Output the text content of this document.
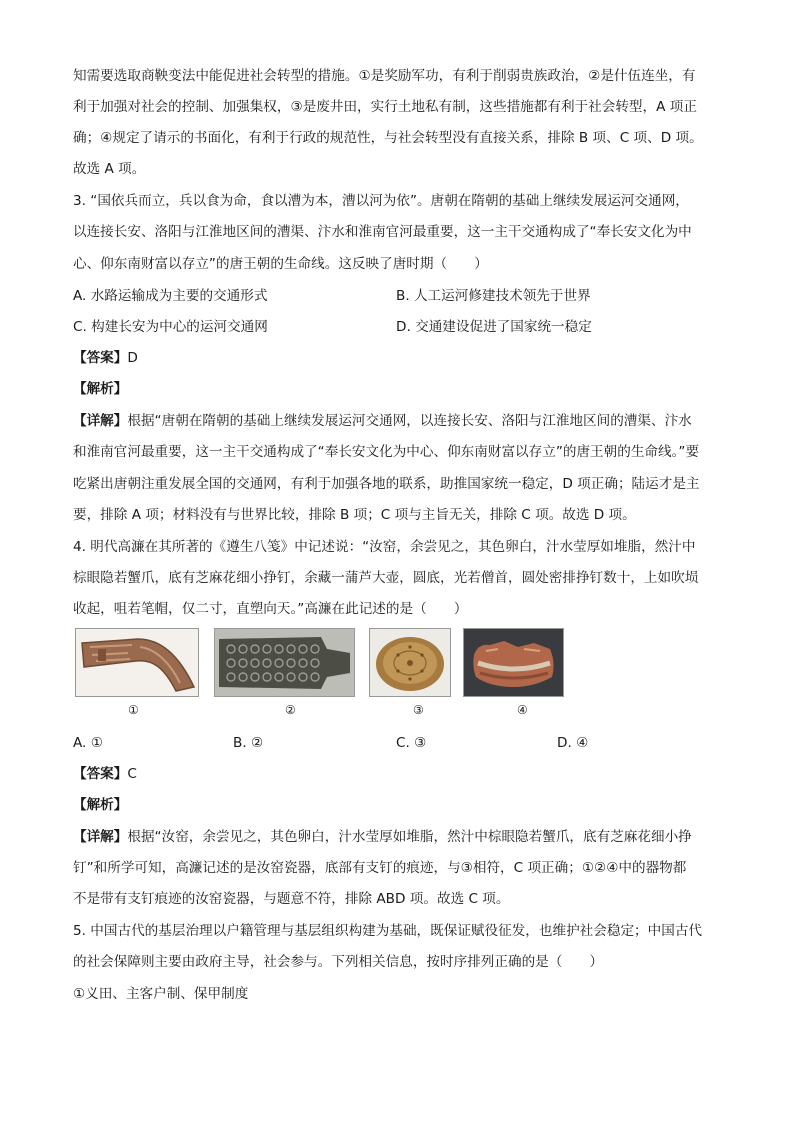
知需要选取商鞅变法中能促进社会转型的措施。①是奖励军功，有利于削弱贵族政治，②是什伍连坐，有
利于加强对社会的控制、加强集权，③是废井田，实行土地私有制，这些措施都有利于社会转型，A 项正
确；④规定了请示的书面化，有利于行政的规范性，与社会转型没有直接关系，排除 B 项、C 项、D 项。
故选 A 项。
3. “国依兵而立，兵以食为命，食以漕为本，漕以河为依”。唐朝在隋朝的基础上继续发展运河交通网，
以连接长安、洛阳与江淮地区间的漕渠、汴水和淮南官河最重要，这一主干交通构成了“奉长安文化为中
心、仰东南财富以存立”的唐王朝的生命线。这反映了唐时期（　　）
A. 水路运输成为主要的交通形式	B. 人工运河修建技术领先于世界
C. 构建长安为中心的运河交通网	D. 交通建设促进了国家统一稳定
【答案】D
【解析】
【详解】根据“唐朝在隋朝的基础上继续发展运河交通网，以连接长安、洛阳与江淮地区间的漕渠、汴水
和淮南官河最重要，这一主干交通构成了“奉长安文化为中心、仰东南财富以存立”的唐王朝的生命线。”要
吃紧出唐朝注重发展全国的交通网，有利于加强各地的联系，助推国家统一稳定，D 项正确；陆运才是主
要，排除 A 项；材料没有与世界比较，排除 B 项；C 项与主旨无关，排除 C 项。故选 D 项。
4. 明代高濂在其所著的《遵生八笺》中记述说：“汝窑，余尝见之，其色卵白，汁水莹厚如堆脂，然汁中
棕眼隐若蟹爪，底有芝麻花细小挣钉，余藏一蒲芦大壶，圆底，光若僧首，圆处密排挣钉数十，上如吹埙
收起，咀若笔帽，仅二寸，直塑向天。”高濂在此记述的是（　　）
①	②	③	④
A. ①	B. ②	C. ③	D. ④
【答案】C
【解析】
【详解】根据“汝窑，余尝见之，其色卵白，汁水莹厚如堆脂，然汁中棕眼隐若蟹爪，底有芝麻花细小挣
钉”和所学可知，高濂记述的是汝窑瓷器，底部有支钉的痕迹，与③相符，C 项正确；①②④中的器物都
不是带有支钉痕迹的汝窑瓷器，与题意不符，排除 ABD 项。故选 C 项。
5. 中国古代的基层治理以户籍管理与基层组织构建为基础，既保证赋役征发，也维护社会稳定；中国古代
的社会保障则主要由政府主导，社会参与。下列相关信息，按时序排列正确的是（　　）
①义田、主客户制、保甲制度
